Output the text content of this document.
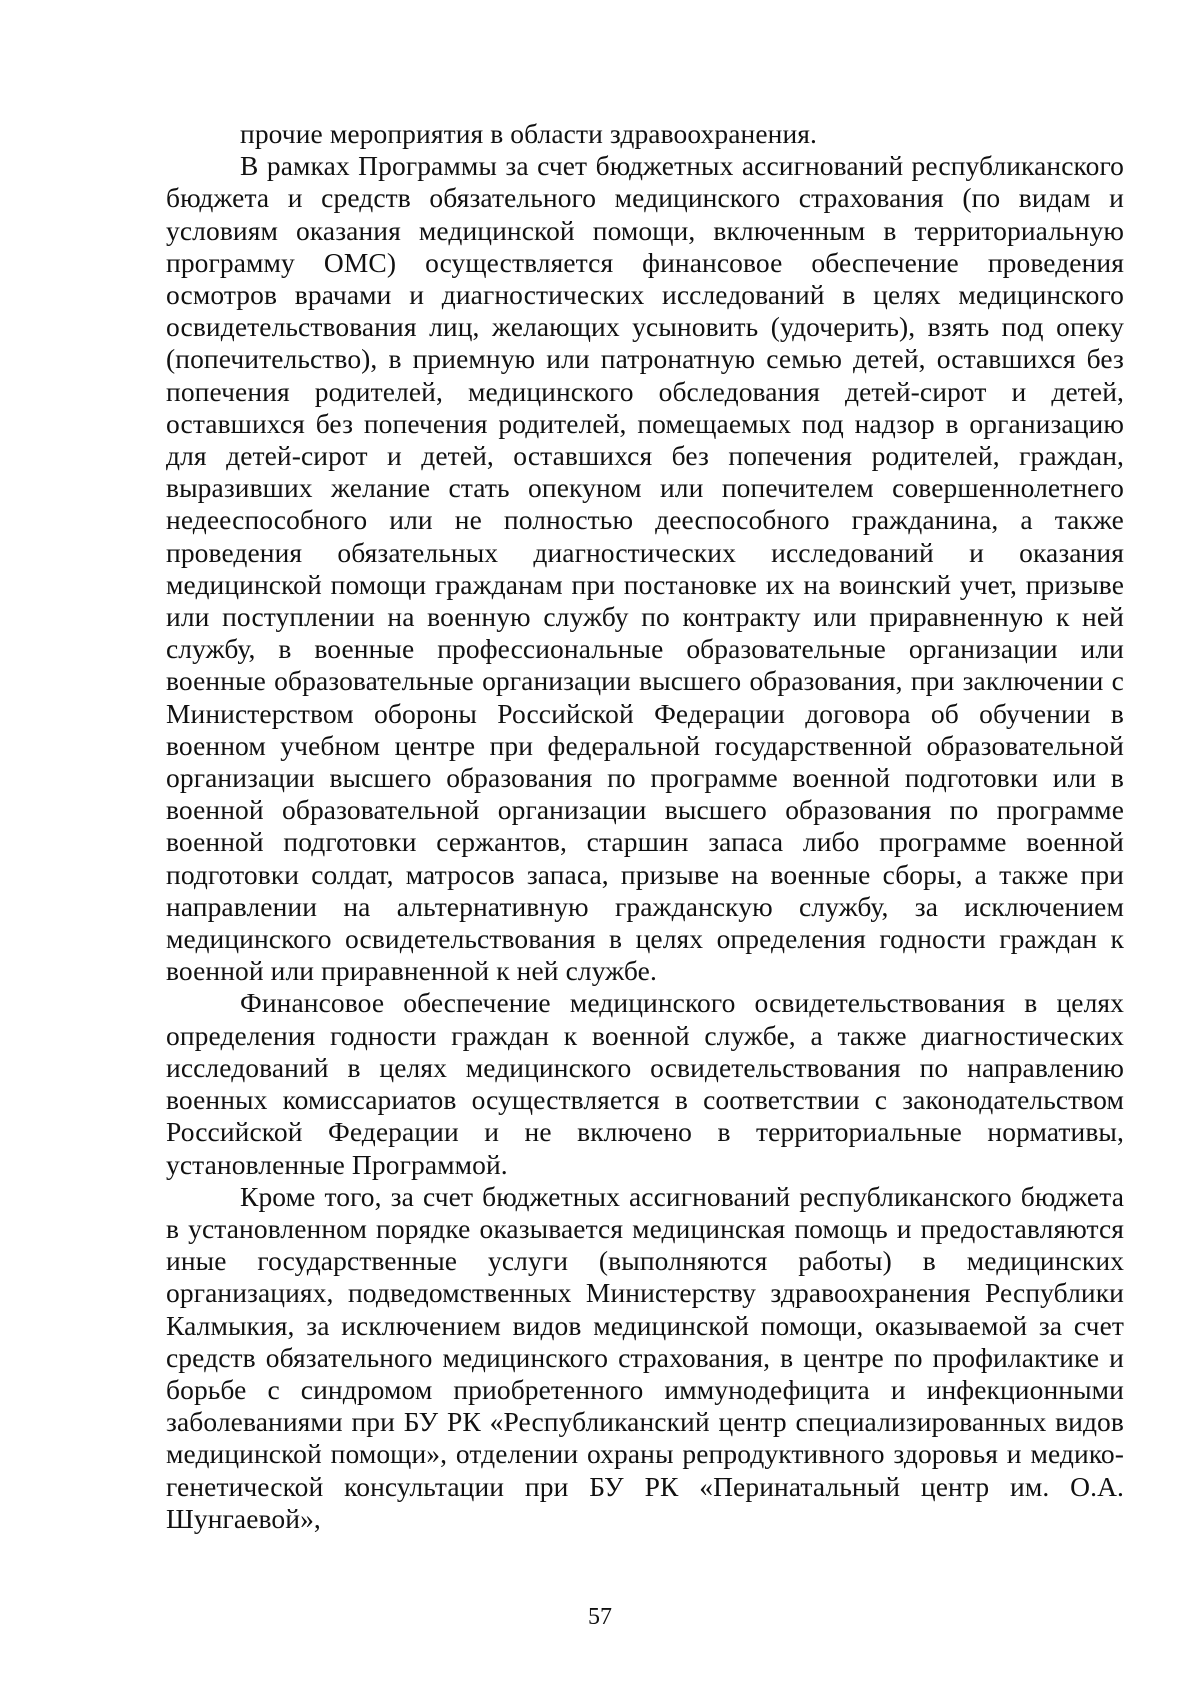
прочие мероприятия в области здравоохранения.

В рамках Программы за счет бюджетных ассигнований республиканского бюджета и средств обязательного медицинского страхования (по видам и условиям оказания медицинской помощи, включенным в территориальную программу ОМС) осуществляется финансовое обеспечение проведения осмотров врачами и диагностических исследований в целях медицинского освидетельствования лиц, желающих усыновить (удочерить), взять под опеку (попечительство), в приемную или патронатную семью детей, оставшихся без попечения родителей, медицинского обследования детей-сирот и детей, оставшихся без попечения родителей, помещаемых под надзор в организацию для детей-сирот и детей, оставшихся без попечения родителей, граждан, выразивших желание стать опекуном или попечителем совершеннолетнего недееспособного или не полностью дееспособного гражданина, а также проведения обязательных диагностических исследований и оказания медицинской помощи гражданам при постановке их на воинский учет, призыве или поступлении на военную службу по контракту или приравненную к ней службу, в военные профессиональные образовательные организации или военные образовательные организации высшего образования, при заключении с Министерством обороны Российской Федерации договора об обучении в военном учебном центре при федеральной государственной образовательной организации высшего образования по программе военной подготовки или в военной образовательной организации высшего образования по программе военной подготовки сержантов, старшин запаса либо программе военной подготовки солдат, матросов запаса, призыве на военные сборы, а также при направлении на альтернативную гражданскую службу, за исключением медицинского освидетельствования в целях определения годности граждан к военной или приравненной к ней службе.

Финансовое обеспечение медицинского освидетельствования в целях определения годности граждан к военной службе, а также диагностических исследований в целях медицинского освидетельствования по направлению военных комиссариатов осуществляется в соответствии с законодательством Российской Федерации и не включено в территориальные нормативы, установленные Программой.

Кроме того, за счет бюджетных ассигнований республиканского бюджета в установленном порядке оказывается медицинская помощь и предоставляются иные государственные услуги (выполняются работы) в медицинских организациях, подведомственных Министерству здравоохранения Республики Калмыкия, за исключением видов медицинской помощи, оказываемой за счет средств обязательного медицинского страхования, в центре по профилактике и борьбе с синдромом приобретенного иммунодефицита и инфекционными заболеваниями при БУ РК «Республиканский центр специализированных видов медицинской помощи», отделении охраны репродуктивного здоровья и медико-генетической консультации при БУ РК «Перинатальный центр им. О.А. Шунгаевой»,

57
